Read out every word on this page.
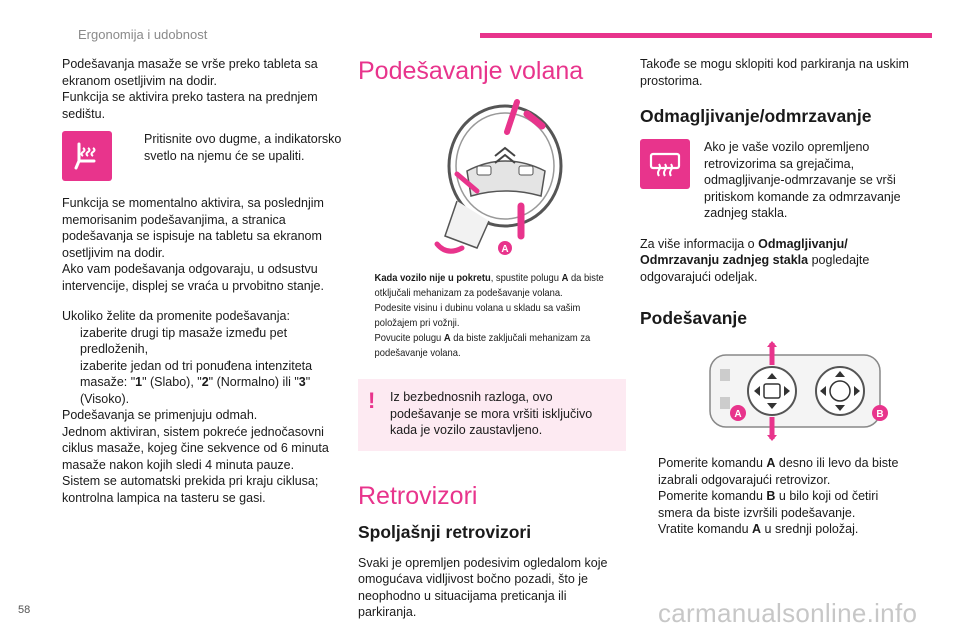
Ergonomija i udobnost

Podešavanja masaže se vrše preko tableta sa ekranom osetljivim na dodir.
Funkcija se aktivira preko tastera na prednjem sedištu.

Pritisnite ovo dugme, a indikatorsko svetlo na njemu će se upaliti.

Funkcija se momentalno aktivira, sa poslednjim memorisanim podešavanjima, a stranica podešavanja se ispisuje na tabletu sa ekranom osetljivim na dodir.
Ako vam podešavanja odgovaraju, u odsustvu intervencije, displej se vraća u prvobitno stanje.

Ukoliko želite da promenite podešavanja:
izaberite drugi tip masaže između pet predloženih,
izaberite jedan od tri ponuđena intenziteta masaže: "1" (Slabo), "2" (Normalno) ili "3" (Visoko).
Podešavanja se primenjuju odmah.
Jednom aktiviran, sistem pokreće jednočasovni ciklus masaže, kojeg čine sekvence od 6 minuta masaže nakon kojih sledi 4 minuta pauze.
Sistem se automatski prekida pri kraju ciklusa; kontrolna lampica na tasteru se gasi.
Podešavanje volana
A
Kada vozilo nije u pokretu, spustite polugu A da biste otključali mehanizam za podešavanje volana.
Podesite visinu i dubinu volana u skladu sa vašim položajem pri vožnji.
Povucite polugu A da biste zaključali mehanizam za podešavanje volana.
!	Iz bezbednosnih razloga, ovo podešavanje se mora vršiti isključivo kada je vozilo zaustavljeno.
Retrovizori
Spoljašnji retrovizori

Svaki je opremljen podesivim ogledalom koje omogućava vidljivost bočno pozadi, što je neophodno u situacijama preticanja ili parkiranja.

Takođe se mogu sklopiti kod parkiranja na uskim prostorima.

Odmagljivanje/odmrzavanje
Ako je vaše vozilo opremljeno retrovizorima sa grejačima, odmagljivanje-odmrzavanje se vrši pritiskom komande za odmrzavanje zadnjeg stakla.

Za više informacija o Odmagljivanju/ Odmrzavanju zadnjeg stakla pogledajte odgovarajući odeljak.

Podešavanje
A	B
Pomerite komandu A desno ili levo da biste izabrali odgovarajući retrovizor.
Pomerite komandu B u bilo koji od četiri smera da biste izvršili podešavanje.
Vratite komandu A u srednji položaj.
58	carmanualsonline.info
